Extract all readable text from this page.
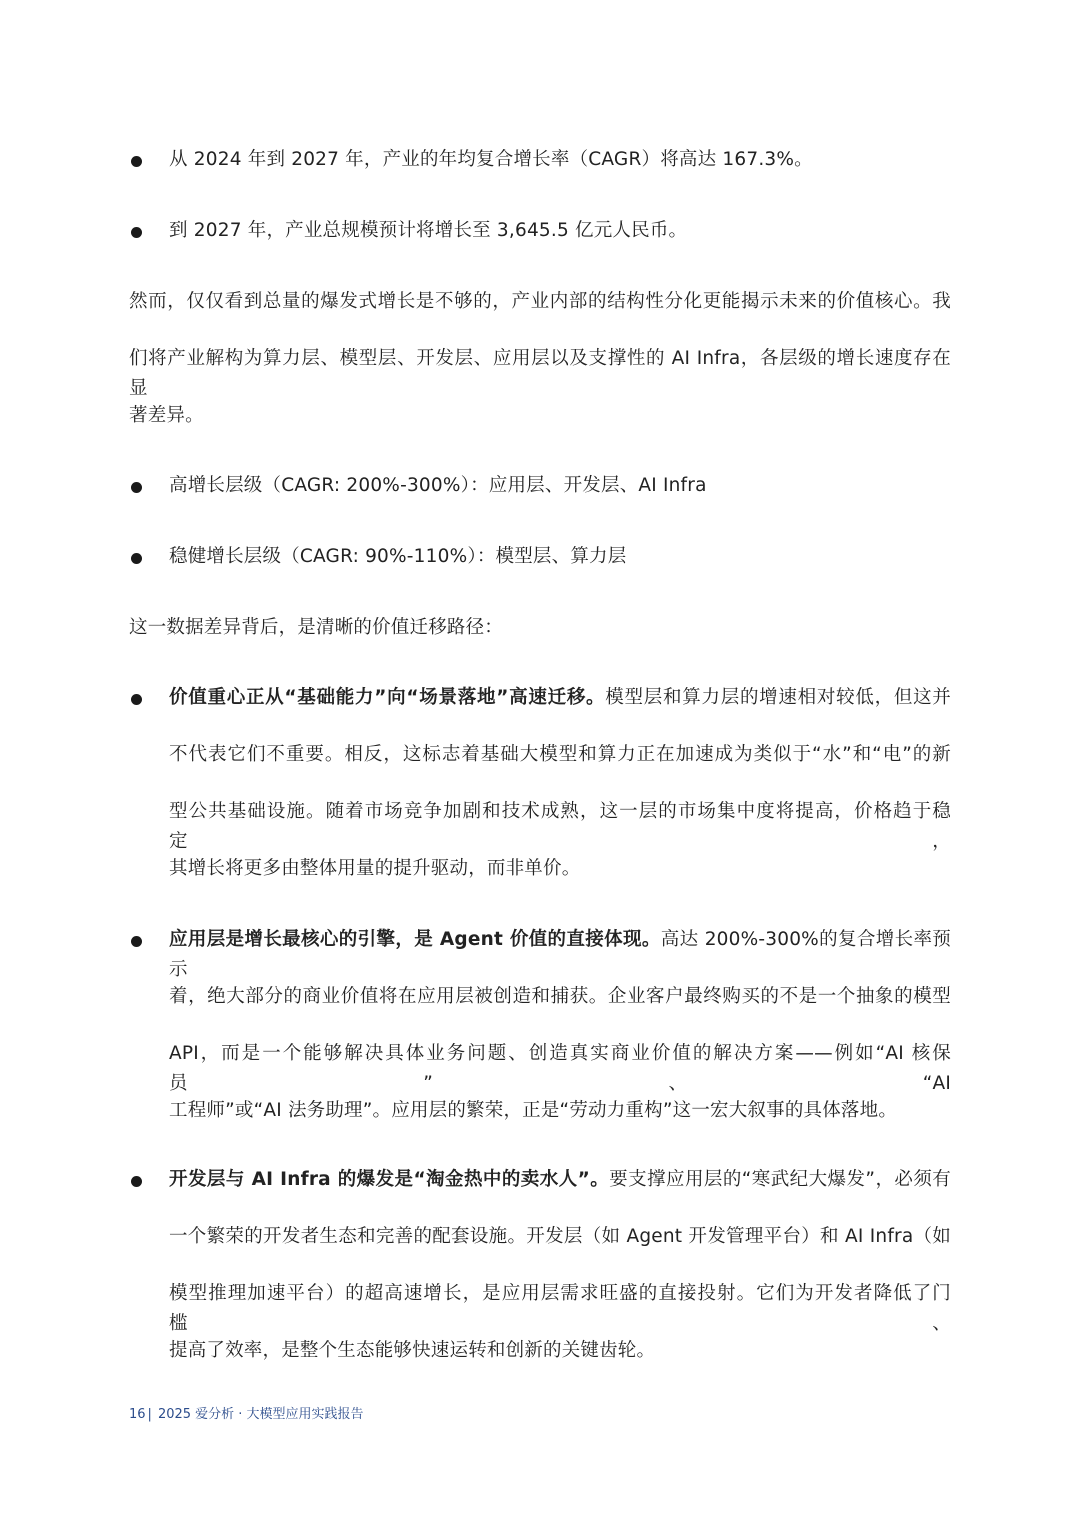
从 2024 年到 2027 年，产业的年均复合增长率（CAGR）将高达 167.3%。
到 2027 年，产业总规模预计将增长至 3,645.5 亿元人民币。
然而，仅仅看到总量的爆发式增长是不够的，产业内部的结构性分化更能揭示未来的价值核心。我
们将产业解构为算力层、模型层、开发层、应用层以及支撑性的 AI Infra，各层级的增长速度存在显
著差异。
高增长层级（CAGR: 200%-300%）：应用层、开发层、AI Infra
稳健增长层级（CAGR: 90%-110%）：模型层、算力层
这一数据差异背后，是清晰的价值迁移路径：
价值重心正从“基础能力”向“场景落地”高速迁移。模型层和算力层的增速相对较低，但这并
不代表它们不重要。相反，这标志着基础大模型和算力正在加速成为类似于“水”和“电”的新
型公共基础设施。随着市场竞争加剧和技术成熟，这一层的市场集中度将提高，价格趋于稳定，
其增长将更多由整体用量的提升驱动，而非单价。
应用层是增长最核心的引擎，是 Agent 价值的直接体现。高达 200%-300%的复合增长率预示
着，绝大部分的商业价值将在应用层被创造和捕获。企业客户最终购买的不是一个抽象的模型
API，而是一个能够解决具体业务问题、创造真实商业价值的解决方案——例如“AI 核保员”、“AI
工程师”或“AI 法务助理”。应用层的繁荣，正是“劳动力重构”这一宏大叙事的具体落地。
开发层与 AI Infra 的爆发是“淘金热中的卖水人”。要支撑应用层的“寒武纪大爆发”，必须有
一个繁荣的开发者生态和完善的配套设施。开发层（如 Agent 开发管理平台）和 AI Infra（如
模型推理加速平台）的超高速增长，是应用层需求旺盛的直接投射。它们为开发者降低了门槛、
提高了效率，是整个生态能够快速运转和创新的关键齿轮。
16 | 2025 爱分析 · 大模型应用实践报告
